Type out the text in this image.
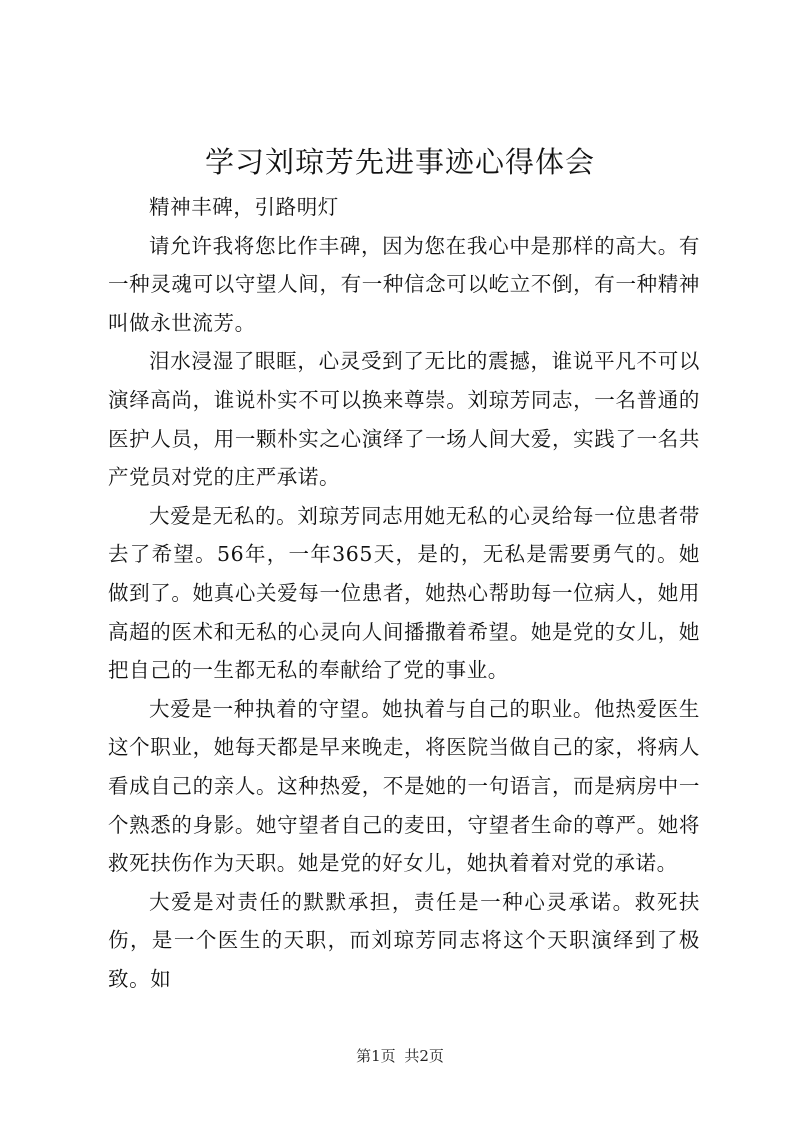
学习刘琼芳先进事迹心得体会

精神丰碑，引路明灯

请允许我将您比作丰碑，因为您在我心中是那样的高大。有一种灵魂可以守望人间，有一种信念可以屹立不倒，有一种精神叫做永世流芳。

泪水浸湿了眼眶，心灵受到了无比的震撼，谁说平凡不可以演绎高尚，谁说朴实不可以换来尊崇。刘琼芳同志，一名普通的医护人员，用一颗朴实之心演绎了一场人间大爱，实践了一名共产党员对党的庄严承诺。

大爱是无私的。刘琼芳同志用她无私的心灵给每一位患者带去了希望。56年，一年365天，是的，无私是需要勇气的。她做到了。她真心关爱每一位患者，她热心帮助每一位病人，她用高超的医术和无私的心灵向人间播撒着希望。她是党的女儿，她把自己的一生都无私的奉献给了党的事业。

大爱是一种执着的守望。她执着与自己的职业。他热爱医生这个职业，她每天都是早来晚走，将医院当做自己的家，将病人看成自己的亲人。这种热爱，不是她的一句语言，而是病房中一个熟悉的身影。她守望者自己的麦田，守望者生命的尊严。她将救死扶伤作为天职。她是党的好女儿，她执着着对党的承诺。

大爱是对责任的默默承担，责任是一种心灵承诺。救死扶伤，是一个医生的天职，而刘琼芳同志将这个天职演绎到了极致。如

第1页 共2页
